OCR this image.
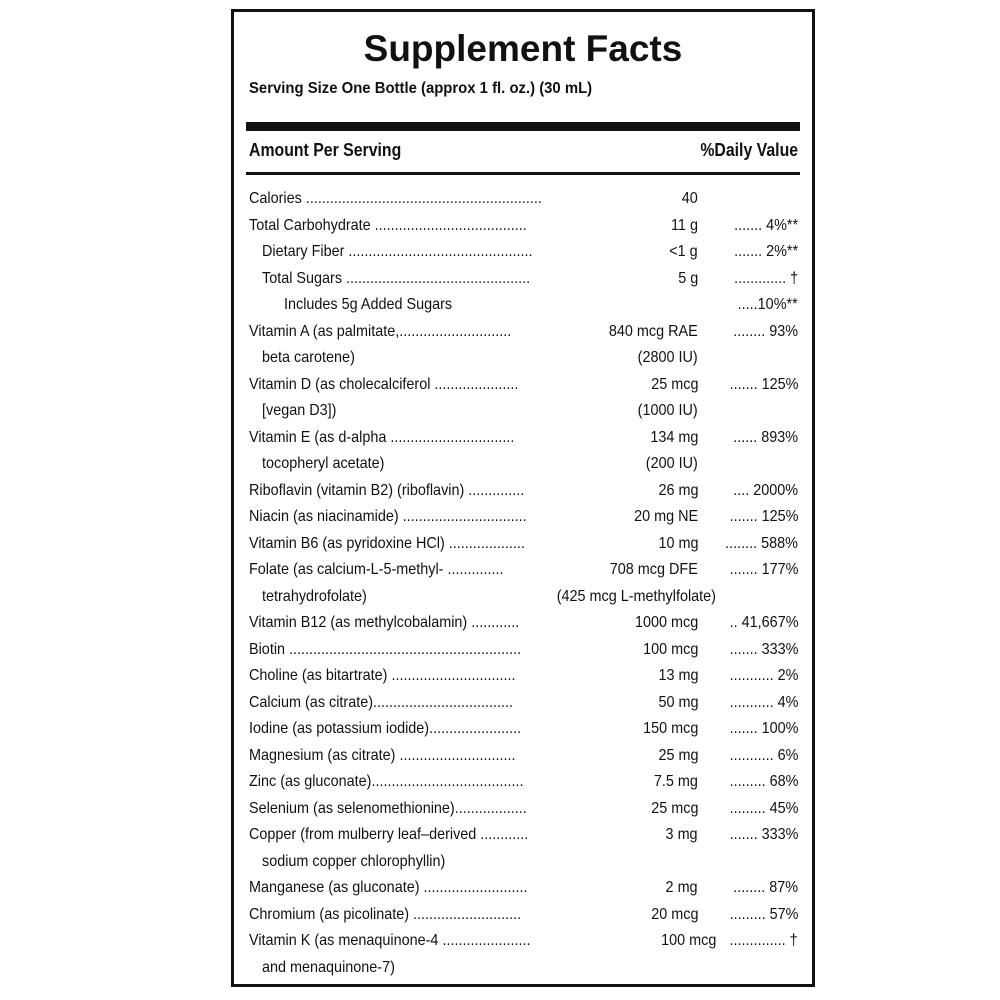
Supplement Facts
Serving Size One Bottle (approx 1 fl. oz.) (30 mL)
Amount Per Serving	%Daily Value
Calories ...........................................................	40
Total Carbohydrate ......................................	11 g ....... 4%**
Dietary Fiber ..............................................	<1 g ....... 2%**
Total Sugars ..............................................	5 g ............. †
Includes 5g Added Sugars	.....10%**
Vitamin A (as palmitate,............................	840 mcg RAE ........ 93%
beta carotene)	(2800 IU)
Vitamin D (as cholecalciferol .....................	25 mcg ....... 125%
[vegan D3])	(1000 IU)
Vitamin E (as d-alpha ...............................	134 mg ...... 893%
tocopheryl acetate)	(200 IU)
Riboflavin (vitamin B2) (riboflavin) ..............	26 mg .... 2000%
Niacin (as niacinamide) ...............................	20 mg NE ....... 125%
Vitamin B6 (as pyridoxine HCl) ...................	10 mg ........ 588%
Folate (as calcium-L-5-methyl- ..............	708 mcg DFE ....... 177%
tetrahydrofolate)	(425 mcg L-methylfolate)
Vitamin B12 (as methylcobalamin) ............	1000 mcg .. 41,667%
Biotin ..........................................................	100 mcg ....... 333%
Choline (as bitartrate) ...............................	13 mg ........... 2%
Calcium (as citrate)...................................	50 mg ........... 4%
Iodine (as potassium iodide).......................	150 mcg ....... 100%
Magnesium (as citrate) .............................	25 mg ........... 6%
Zinc (as gluconate)......................................	7.5 mg ......... 68%
Selenium (as selenomethionine)..................	25 mcg ......... 45%
Copper (from mulberry leaf–derived ............	3 mg ....... 333%
sodium copper chlorophyllin)
Manganese (as gluconate) ..........................	2 mg ........ 87%
Chromium (as picolinate) ...........................	20 mcg ......... 57%
Vitamin K (as menaquinone-4 ......................	100 mcg .............. †
and menaquinone-7)
